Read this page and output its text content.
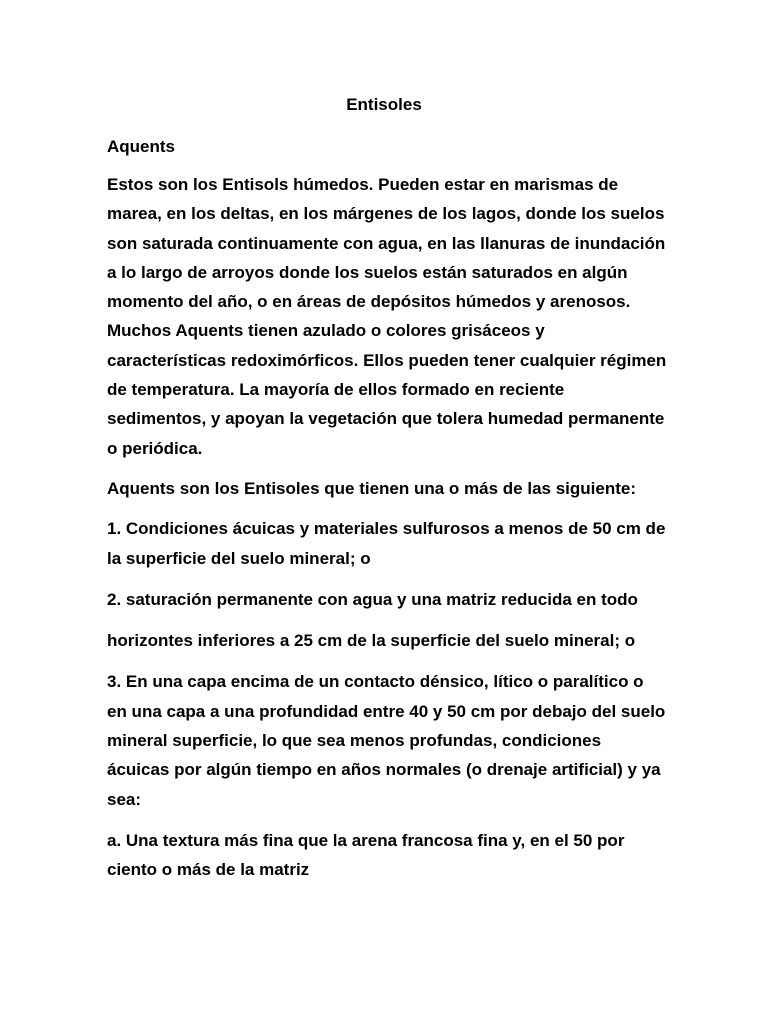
Entisoles
Aquents

Estos son los Entisols húmedos. Pueden estar en marismas de marea, en los deltas, en los márgenes de los lagos, donde los suelos son saturada continuamente con agua, en las llanuras de inundación a lo largo de arroyos donde los suelos están saturados en algún momento del año, o en áreas de depósitos húmedos y arenosos. Muchos Aquents tienen azulado o colores grisáceos y características redoximórficos. Ellos pueden tener cualquier régimen de temperatura. La mayoría de ellos formado en reciente sedimentos, y apoyan la vegetación que tolera humedad permanente o periódica.

Aquents son los Entisoles que tienen una o más de las siguiente:

1. Condiciones ácuicas y materiales sulfurosos a menos de 50 cm de la superficie del suelo mineral; o

2. saturación permanente con agua y una matriz reducida en todo

horizontes inferiores a 25 cm de la superficie del suelo mineral; o

3. En una capa encima de un contacto dénsico, lítico o paralítico o en una capa a una profundidad entre 40 y 50 cm por debajo del suelo mineral superficie, lo que sea menos profundas, condiciones ácuicas por algún tiempo en años normales (o drenaje artificial) y ya sea:

a. Una textura más fina que la arena francosa fina y, en el 50 por ciento o más de la matriz
